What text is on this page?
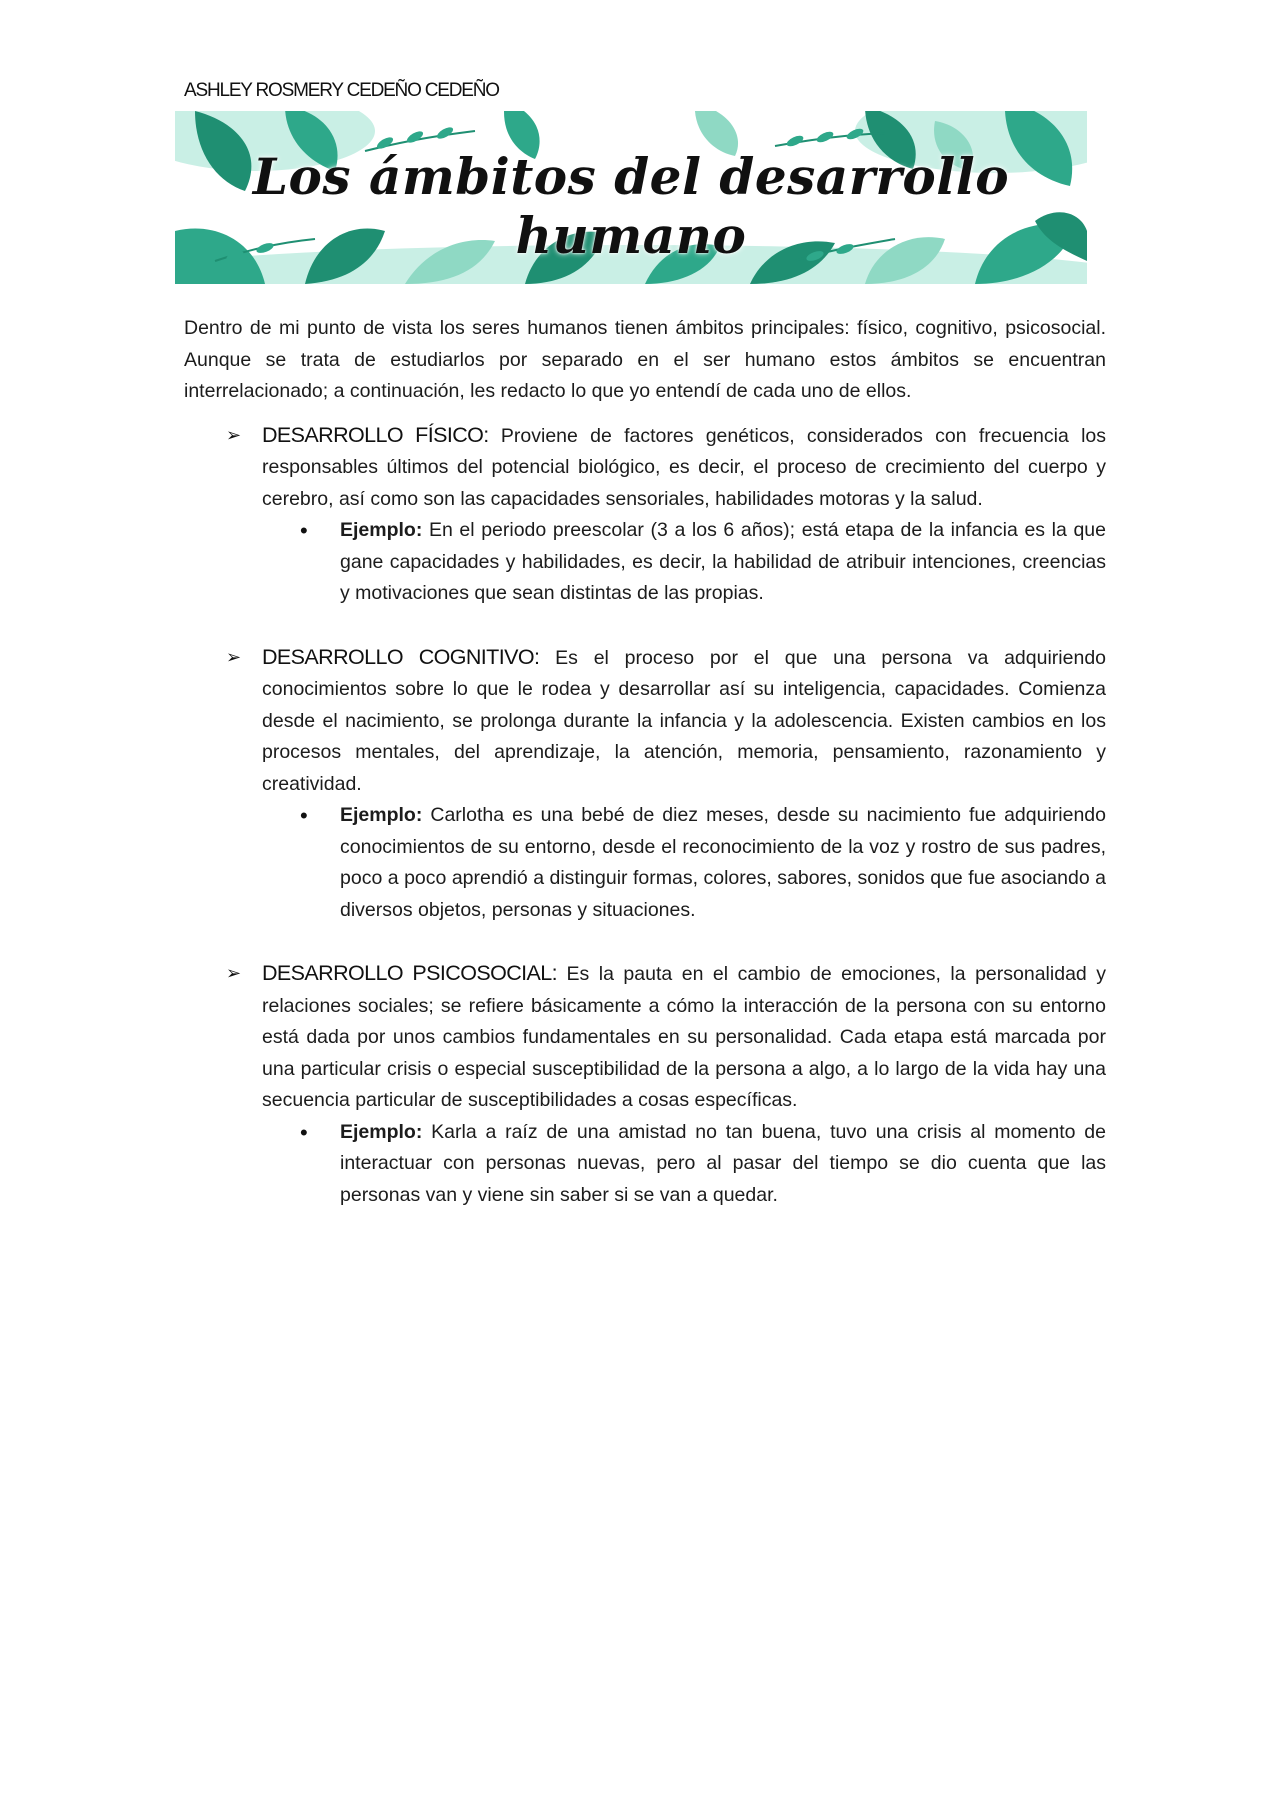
ASHLEY ROSMERY CEDEÑO CEDEÑO
Los ámbitos del desarrollo humano

Dentro de mi punto de vista los seres humanos tienen ámbitos principales: físico, cognitivo, psicosocial. Aunque se trata de estudiarlos por separado en el ser humano estos ámbitos se encuentran interrelacionado; a continuación, les redacto lo que yo entendí de cada uno de ellos.

➢ DESARROLLO FÍSICO: Proviene de factores genéticos, considerados con frecuencia los responsables últimos del potencial biológico, es decir, el proceso de crecimiento del cuerpo y cerebro, así como son las capacidades sensoriales, habilidades motoras y la salud.

• Ejemplo: En el periodo preescolar (3 a los 6 años); está etapa de la infancia es la que gane capacidades y habilidades, es decir, la habilidad de atribuir intenciones, creencias y motivaciones que sean distintas de las propias.

➢ DESARROLLO COGNITIVO: Es el proceso por el que una persona va adquiriendo conocimientos sobre lo que le rodea y desarrollar así su inteligencia, capacidades. Comienza desde el nacimiento, se prolonga durante la infancia y la adolescencia. Existen cambios en los procesos mentales, del aprendizaje, la atención, memoria, pensamiento, razonamiento y creatividad.

• Ejemplo: Carlotha es una bebé de diez meses, desde su nacimiento fue adquiriendo conocimientos de su entorno, desde el reconocimiento de la voz y rostro de sus padres, poco a poco aprendió a distinguir formas, colores, sabores, sonidos que fue asociando a diversos objetos, personas y situaciones.

➢ DESARROLLO PSICOSOCIAL: Es la pauta en el cambio de emociones, la personalidad y relaciones sociales; se refiere básicamente a cómo la interacción de la persona con su entorno está dada por unos cambios fundamentales en su personalidad. Cada etapa está marcada por una particular crisis o especial susceptibilidad de la persona a algo, a lo largo de la vida hay una secuencia particular de susceptibilidades a cosas específicas.

• Ejemplo: Karla a raíz de una amistad no tan buena, tuvo una crisis al momento de interactuar con personas nuevas, pero al pasar del tiempo se dio cuenta que las personas van y viene sin saber si se van a quedar.
